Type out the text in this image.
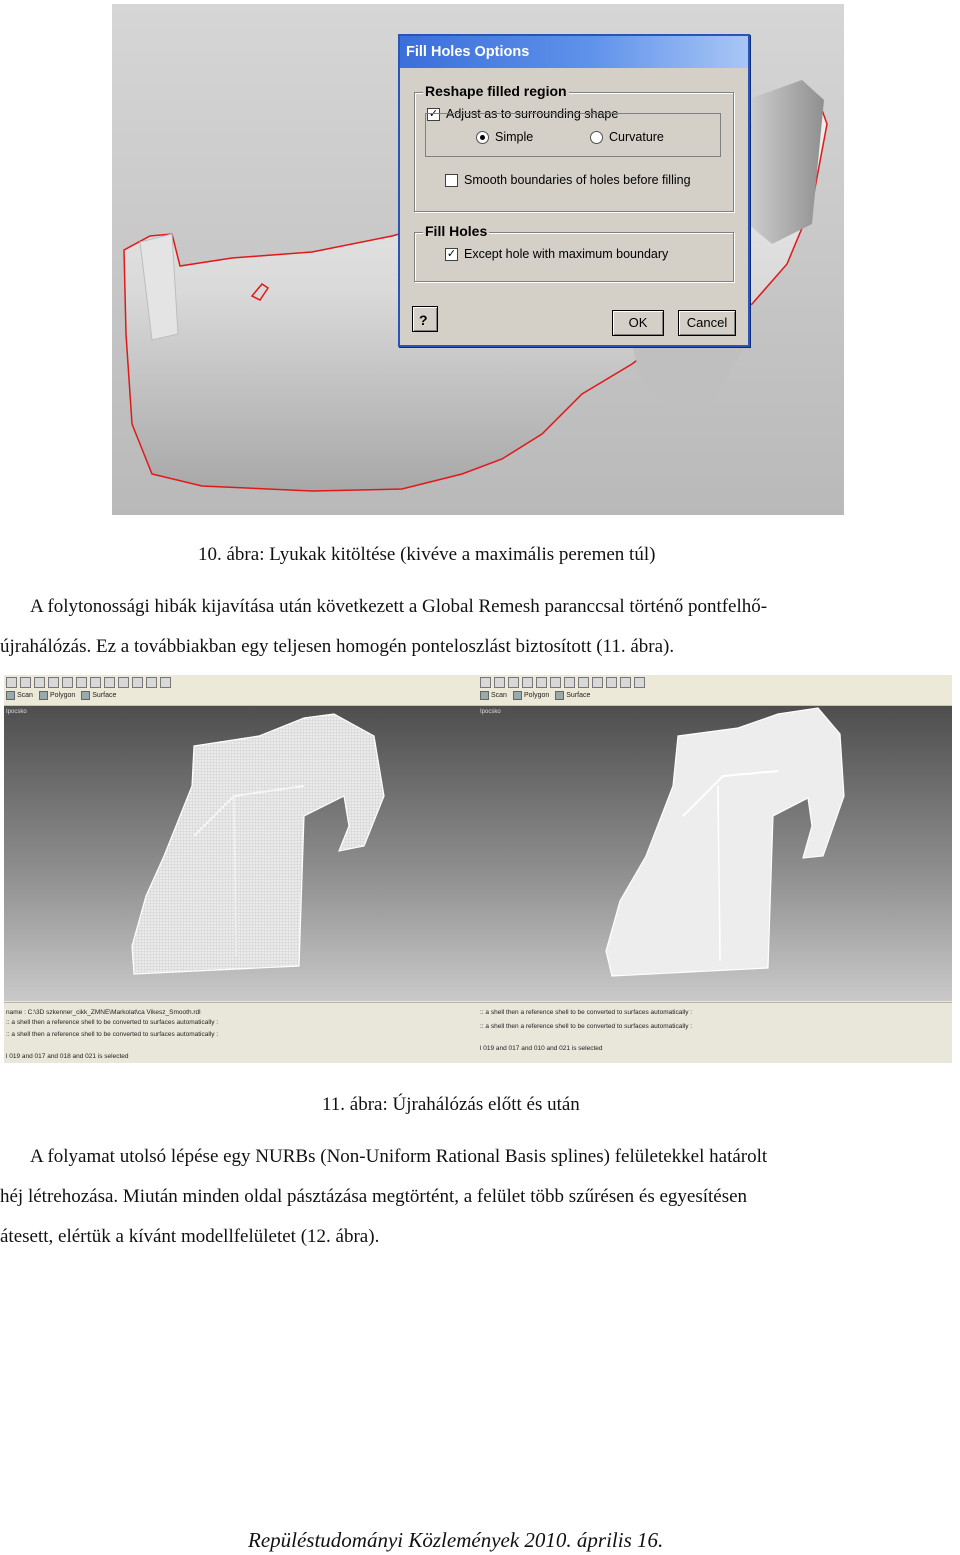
Fill Holes Options
Reshape filled region
✓ Adjust as to surrounding shape
Simple	Curvature
Smooth boundaries of holes before filling
Fill Holes
✓ Except hole with maximum boundary
?	OK	Cancel
10. ábra: Lyukak kitöltése (kivéve a maximális peremen túl)
A folytonossági hibák kijavítása után következett a Global Remesh paranccsal történő pontfelhő-
újrahálózás. Ez a továbbiakban egy teljesen homogén ponteloszlást biztosított (11. ábra).
Scan Polygon Surface
Ipocsko
name : C:\3D szkenner_cikk_ZMNE\Markolat\ca Vikesz_Smooth.rdl
:: a shell then a reference shell to be converted to surfaces automatically :
:: a shell then a reference shell to be converted to surfaces automatically :
l 019 and 017 and 018 and 021 is selected
Scan Polygon Surface
Ipocsko
:: a shell then a reference shell to be converted to surfaces automatically :
:: a shell then a reference shell to be converted to surfaces automatically :
l 019 and 017 and 010 and 021 is selected
11. ábra: Újrahálózás előtt és után
A folyamat utolsó lépése egy NURBs (Non-Uniform Rational Basis splines) felületekkel határolt
héj létrehozása. Miután minden oldal pásztázása megtörtént, a felület több szűrésen és egyesítésen
átesett, elértük a kívánt modellfelületet (12. ábra).
Repüléstudományi Közlemények 2010. április 16.
